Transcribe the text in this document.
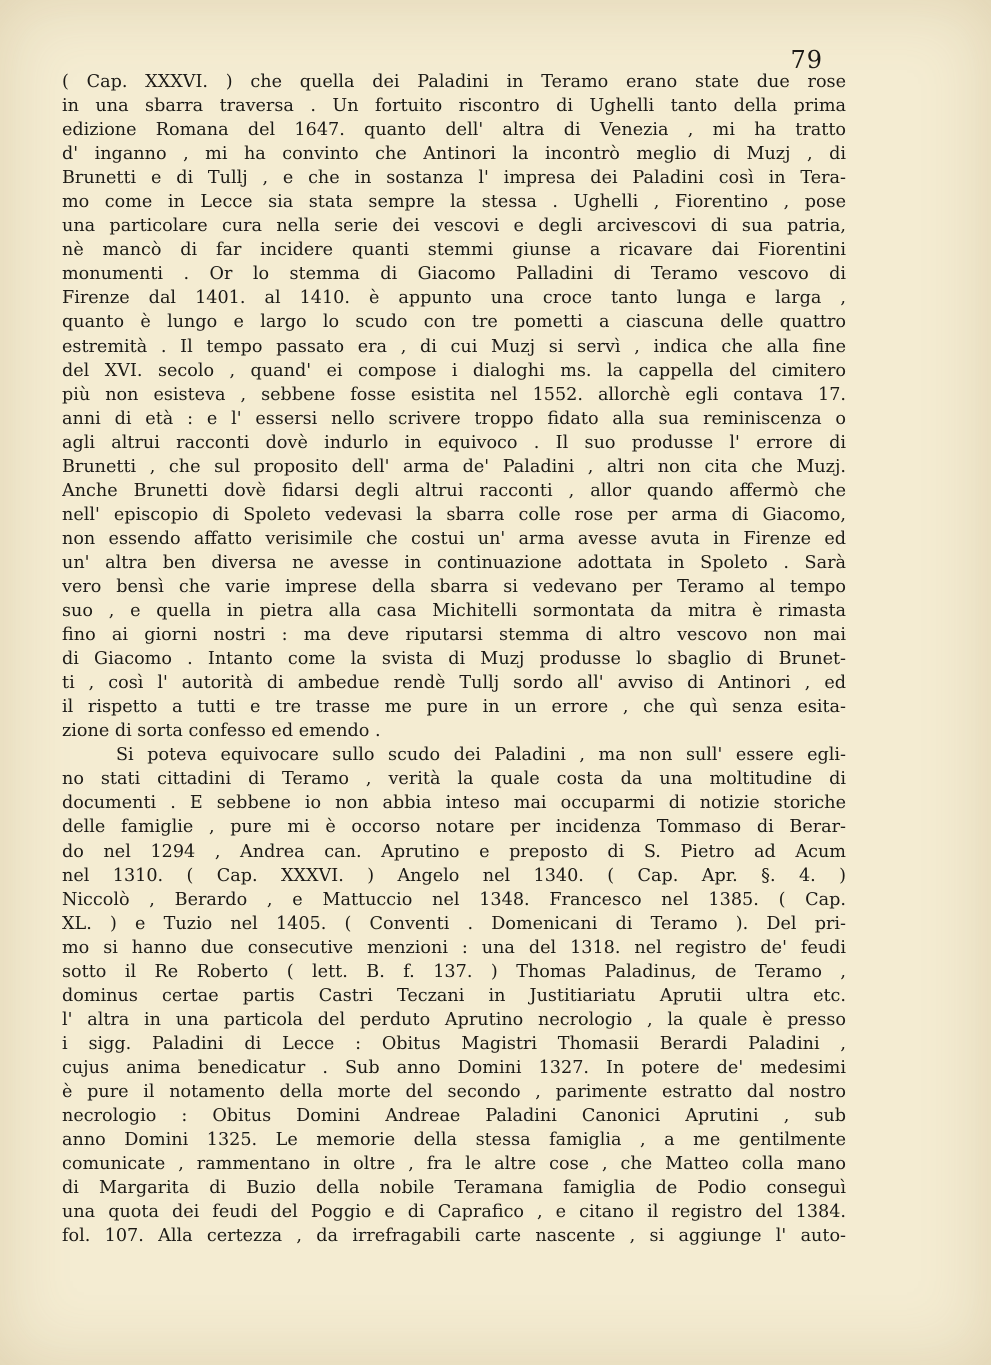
79
( Cap. XXXVI. ) che quella dei Paladini in Teramo erano state due rose
in una sbarra traversa . Un fortuito riscontro di Ughelli tanto della prima
edizione Romana del 1647. quanto dell' altra di Venezia , mi ha tratto
d' inganno , mi ha convinto che Antinori la incontrò meglio di Muzj , di
Brunetti e di Tullj , e che in sostanza l' impresa dei Paladini così in Tera-
mo come in Lecce sia stata sempre la stessa . Ughelli , Fiorentino , pose
una particolare cura nella serie dei vescovi e degli arcivescovi di sua patria,
nè mancò di far incidere quanti stemmi giunse a ricavare dai Fiorentini
monumenti . Or lo stemma di Giacomo Palladini di Teramo vescovo di
Firenze dal 1401. al 1410. è appunto una croce tanto lunga e larga ,
quanto è lungo e largo lo scudo con tre pometti a ciascuna delle quattro
estremità . Il tempo passato era , di cui Muzj si servì , indica che alla fine
del XVI. secolo , quand' ei compose i dialoghi ms. la cappella del cimitero
più non esisteva , sebbene fosse esistita nel 1552. allorchè egli contava 17.
anni di età : e l' essersi nello scrivere troppo fidato alla sua reminiscenza o
agli altrui racconti dovè indurlo in equivoco . Il suo produsse l' errore di
Brunetti , che sul proposito dell' arma de' Paladini , altri non cita che Muzj.
Anche Brunetti dovè fidarsi degli altrui racconti , allor quando affermò che
nell' episcopio di Spoleto vedevasi la sbarra colle rose per arma di Giacomo,
non essendo affatto verisimile che costui un' arma avesse avuta in Firenze ed
un' altra ben diversa ne avesse in continuazione adottata in Spoleto . Sarà
vero bensì che varie imprese della sbarra si vedevano per Teramo al tempo
suo , e quella in pietra alla casa Michitelli sormontata da mitra è rimasta
fino ai giorni nostri : ma deve riputarsi stemma di altro vescovo non mai
di Giacomo . Intanto come la svista di Muzj produsse lo sbaglio di Brunet-
ti , così l' autorità di ambedue rendè Tullj sordo all' avviso di Antinori , ed
il rispetto a tutti e tre trasse me pure in un errore , che quì senza esita-
zione di sorta confesso ed emendo .
Si poteva equivocare sullo scudo dei Paladini , ma non sull' essere egli-
no stati cittadini di Teramo , verità la quale costa da una moltitudine di
documenti . E sebbene io non abbia inteso mai occuparmi di notizie storiche
delle famiglie , pure mi è occorso notare per incidenza Tommaso di Berar-
do nel 1294 , Andrea can. Aprutino e preposto di S. Pietro ad Acum
nel 1310. ( Cap. XXXVI. ) Angelo nel 1340. ( Cap. Apr. §. 4. )
Niccolò , Berardo , e Mattuccio nel 1348. Francesco nel 1385. ( Cap.
XL. ) e Tuzio nel 1405. ( Conventi . Domenicani di Teramo ). Del pri-
mo si hanno due consecutive menzioni : una del 1318. nel registro de' feudi
sotto il Re Roberto ( lett. B. f. 137. ) Thomas Paladinus, de Teramo ,
dominus certae partis Castri Teczani in Justitiariatu Aprutii ultra etc.
l' altra in una particola del perduto Aprutino necrologio , la quale è presso
i sigg. Paladini di Lecce : Obitus Magistri Thomasii Berardi Paladini ,
cujus anima benedicatur . Sub anno Domini 1327. In potere de' medesimi
è pure il notamento della morte del secondo , parimente estratto dal nostro
necrologio : Obitus Domini Andreae Paladini Canonici Aprutini , sub
anno Domini 1325. Le memorie della stessa famiglia , a me gentilmente
comunicate , rammentano in oltre , fra le altre cose , che Matteo colla mano
di Margarita di Buzio della nobile Teramana famiglia de Podio conseguì
una quota dei feudi del Poggio e di Caprafico , e citano il registro del 1384.
fol. 107. Alla certezza , da irrefragabili carte nascente , si aggiunge l' auto-
